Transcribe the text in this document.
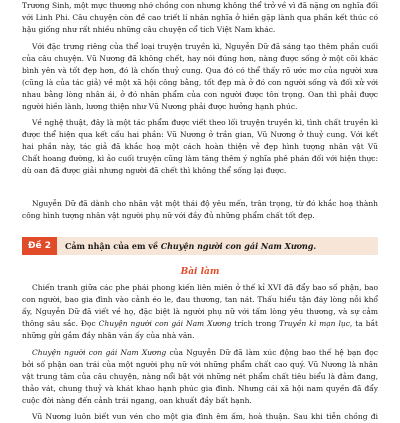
Trương Sinh, một mực thương nhớ chồng con nhưng không thể trở về vì đã nặng ơn nghĩa đối
với Linh Phi. Câu chuyện còn đề cao triết lí nhân nghĩa ở hiền gặp lành qua phần kết thúc có
hậu giống như rất nhiều những câu chuyện cổ tích Việt Nam khác.
Với đặc trưng riêng của thể loại truyện truyền kì, Nguyễn Dữ đã sáng tạo thêm phần cuối
của câu chuyện. Vũ Nương đã không chết, hay nói đúng hơn, nàng được sống ở một cõi khác
bình yên và tốt đẹp hơn, đó là chốn thuỷ cung. Qua đó có thể thấy rõ ước mơ của người xưa
(cũng là của tác giả) về một xã hội công bằng, tốt đẹp mà ở đó con người sống và đối xử với
nhau bằng lòng nhân ái, ở đó nhân phẩm của con người được tôn trọng. Oan thì phải được
người hiền lành, lương thiện như Vũ Nương phải được hưởng hạnh phúc.
Về nghệ thuật, đây là một tác phẩm được viết theo lối truyện truyền kì, tình chất truyền kì
được thể hiện qua kết cấu hai phần: Vũ Nương ở trần gian, Vũ Nương ở thuỷ cung. Với kết
hai phần này, tác giả đã khắc hoạ một cách hoàn thiện vẻ đẹp hình tượng nhân vật Vũ
Chất hoang đường, kì ảo cuối truyện cũng làm tăng thêm ý nghĩa phê phán đối với hiện thực:
dù oan đã được giải nhưng người đã chết thì không thể sống lại được.
Nguyễn Dữ đã dành cho nhân vật một thái độ yêu mến, trân trọng, từ đó khắc hoạ thành
công hình tượng nhân vật người phụ nữ với đầy đủ những phẩm chất tốt đẹp.
Đề 2	Cảm nhận của em về Chuyện người con gái Nam Xương.
Bài làm
Chiến tranh giữa các phe phái phong kiến liên miên ở thế kỉ XVI đã đẩy bao số phận, bao
con người, bao gia đình vào cảnh éo le, đau thương, tan nát. Thấu hiểu tận đáy lòng nỗi khổ
ấy, Nguyễn Dữ đã viết về họ, đặc biệt là người phụ nữ với tấm lòng yêu thương, và sự cảm
thông sâu sắc. Đọc Chuyện người con gái Nam Xương trích trong Truyền kì mạn lục, ta bắt
những gửi gắm đầy nhân văn ấy của nhà văn.
Chuyện người con gái Nam Xương của Nguyễn Dữ đã làm xúc động bao thế hệ bạn đọc
bởi số phận oan trái của một người phụ nữ với những phẩm chất cao quý. Vũ Nương là nhân
vật trung tâm của câu chuyện, nàng nổi bật với những nét phẩm chất tiêu biểu là đảm đang,
thảo vát, chung thuỷ và khát khao hạnh phúc gia đình. Nhưng cái xã hội nam quyền đã đẩy
cuộc đời nàng đến cảnh trái ngang, oan khuất đầy bất hạnh.
Vũ Nương luôn biết vun vén cho một gia đình êm ấm, hoà thuận. Sau khi tiễn chồng đi
